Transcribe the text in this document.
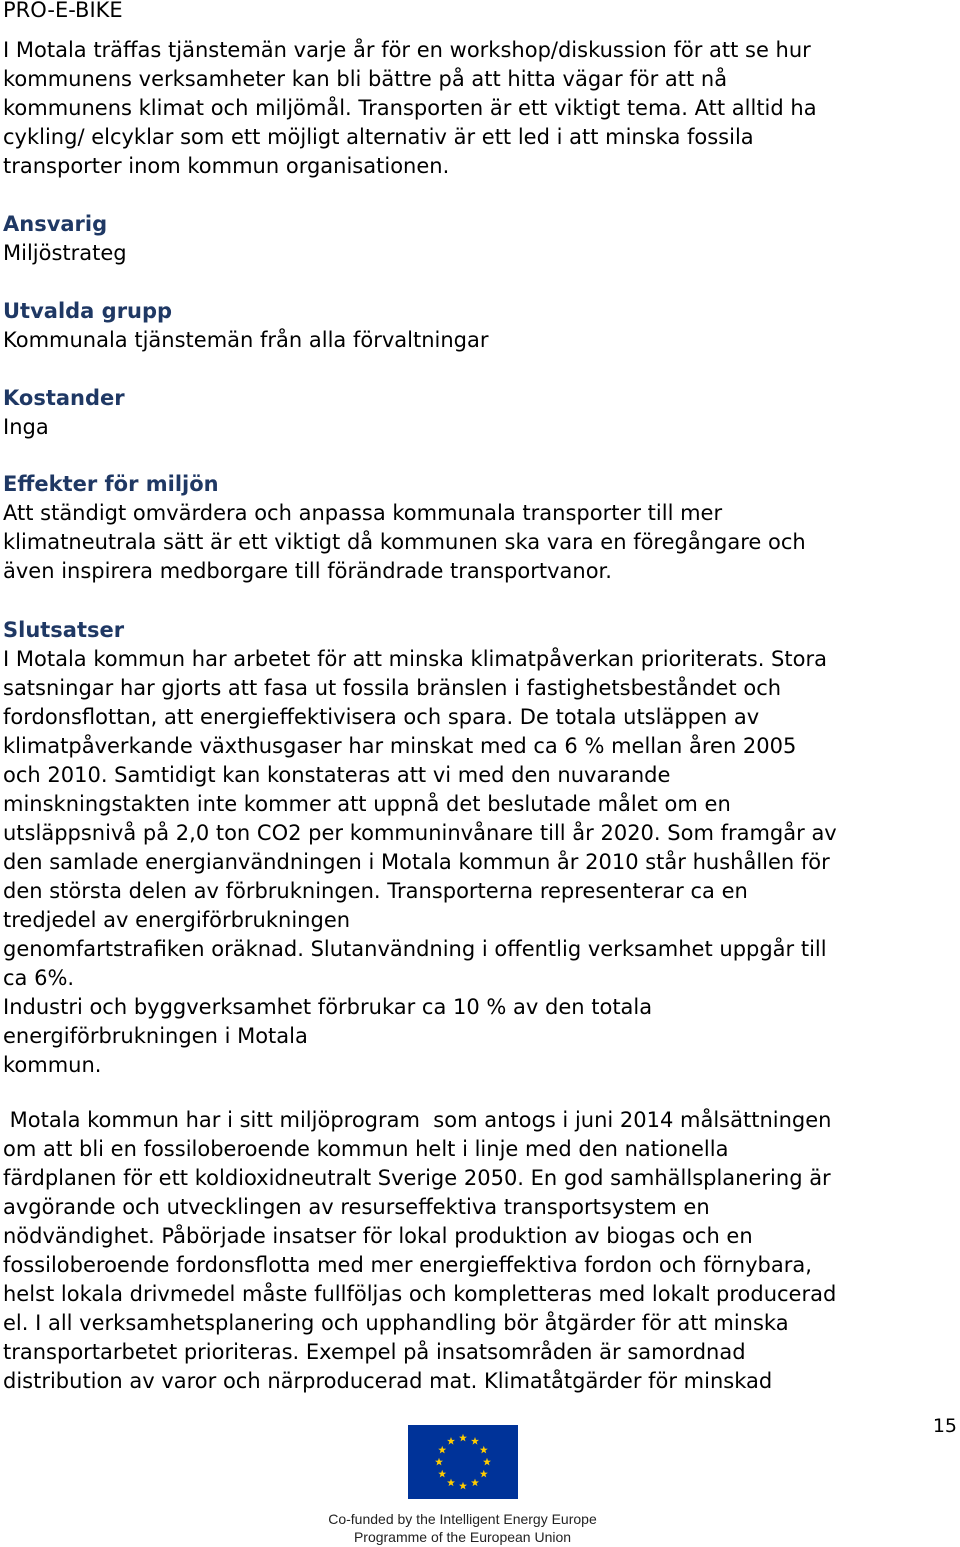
PRO-E-BIKE
I Motala träffas tjänstemän varje år för en workshop/diskussion för att se hur
kommunens verksamheter kan bli bättre på att hitta vägar för att nå
kommunens klimat och miljömål. Transporten är ett viktigt tema. Att alltid ha
cykling/ elcyklar som ett möjligt alternativ är ett led i att minska fossila
transporter inom kommun organisationen.
Ansvarig
Miljöstrateg
Utvalda grupp
Kommunala tjänstemän från alla förvaltningar
Kostander
Inga
Effekter för miljön
Att ständigt omvärdera och anpassa kommunala transporter till mer
klimatneutrala sätt är ett viktigt då kommunen ska vara en föregångare och
även inspirera medborgare till förändrade transportvanor.
Slutsatser
I Motala kommun har arbetet för att minska klimatpåverkan prioriterats. Stora
satsningar har gjorts att fasa ut fossila bränslen i fastighetsbeståndet och
fordonsflottan, att energieffektivisera och spara. De totala utsläppen av
klimatpåverkande växthusgaser har minskat med ca 6 % mellan åren 2005
och 2010. Samtidigt kan konstateras att vi med den nuvarande
minskningstakten inte kommer att uppnå det beslutade målet om en
utsläppsnivå på 2,0 ton CO2 per kommuninvånare till år 2020. Som framgår av
den samlade energianvändningen i Motala kommun år 2010 står hushållen för
den största delen av förbrukningen. Transporterna representerar ca en
tredjedel av energiförbrukningen
genomfartstrafiken oräknad. Slutanvändning i offentlig verksamhet uppgår till
ca 6%.
Industri och byggverksamhet förbrukar ca 10 % av den totala
energiförbrukningen i Motala
kommun.
Motala kommun har i sitt miljöprogram  som antogs i juni 2014 målsättningen
om att bli en fossiloberoende kommun helt i linje med den nationella
färdplanen för ett koldioxidneutralt Sverige 2050. En god samhällsplanering är
avgörande och utvecklingen av resurseffektiva transportsystem en
nödvändighet. Påbörjade insatser för lokal produktion av biogas och en
fossiloberoende fordonsflotta med mer energieffektiva fordon och förnybara,
helst lokala drivmedel måste fullföljas och kompletteras med lokalt producerad
el. I all verksamhetsplanering och upphandling bör åtgärder för att minska
transportarbetet prioriteras. Exempel på insatsområden är samordnad
distribution av varor och närproducerad mat. Klimatåtgärder för minskad
15
Co-funded by the Intelligent Energy Europe
Programme of the European Union
